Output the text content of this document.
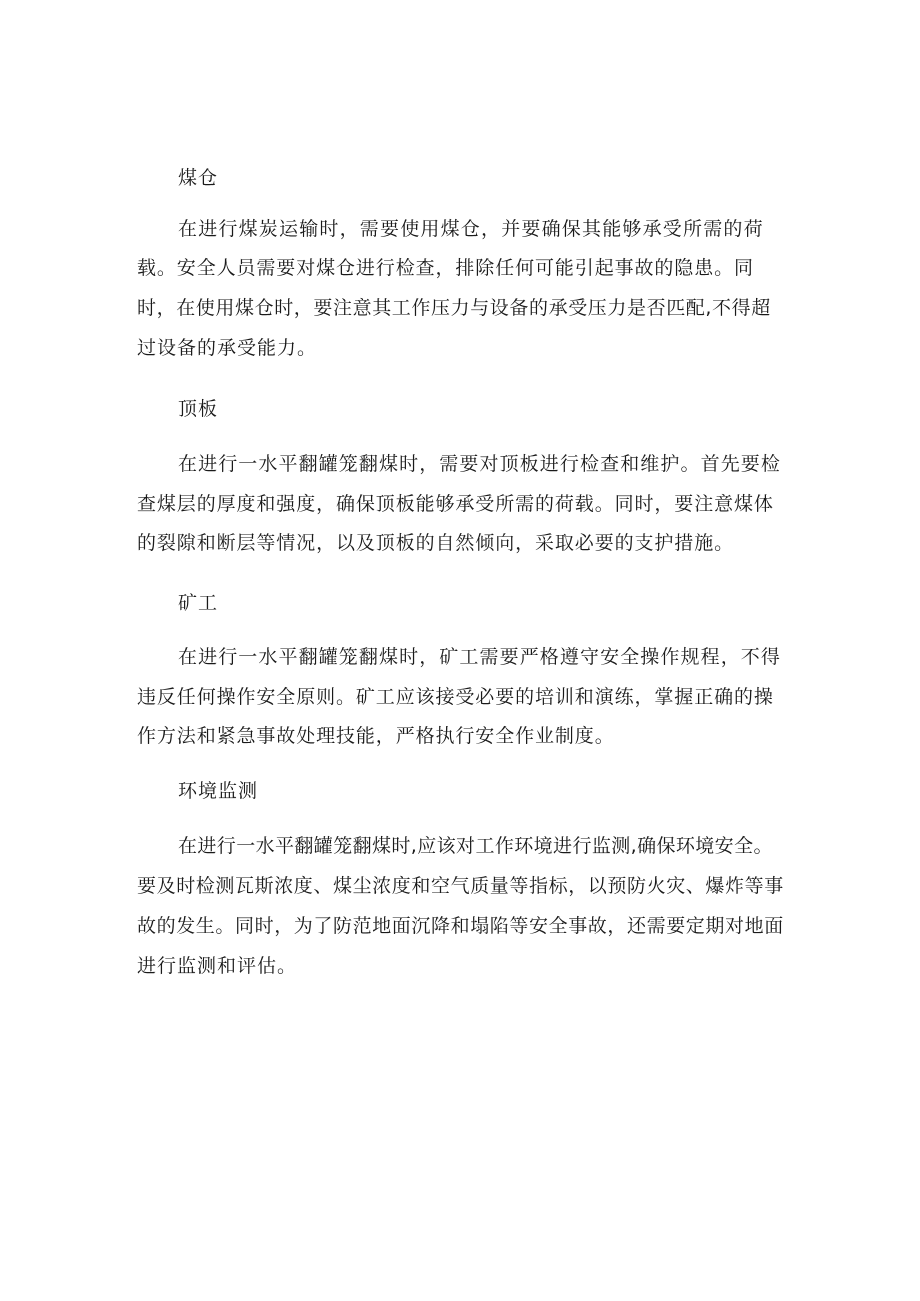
煤仓
在进行煤炭运输时，需要使用煤仓，并要确保其能够承受所需的荷
载。安全人员需要对煤仓进行检查，排除任何可能引起事故的隐患。同
时，在使用煤仓时，要注意其工作压力与设备的承受压力是否匹配,不得超
过设备的承受能力。
顶板
在进行一水平翻罐笼翻煤时，需要对顶板进行检查和维护。首先要检
查煤层的厚度和强度，确保顶板能够承受所需的荷载。同时，要注意煤体
的裂隙和断层等情况，以及顶板的自然倾向，采取必要的支护措施。
矿工
在进行一水平翻罐笼翻煤时，矿工需要严格遵守安全操作规程，不得
违反任何操作安全原则。矿工应该接受必要的培训和演练，掌握正确的操
作方法和紧急事故处理技能，严格执行安全作业制度。
环境监测
在进行一水平翻罐笼翻煤时,应该对工作环境进行监测,确保环境安全。
要及时检测瓦斯浓度、煤尘浓度和空气质量等指标，以预防火灾、爆炸等事
故的发生。同时，为了防范地面沉降和塌陷等安全事故，还需要定期对地面
进行监测和评估。
